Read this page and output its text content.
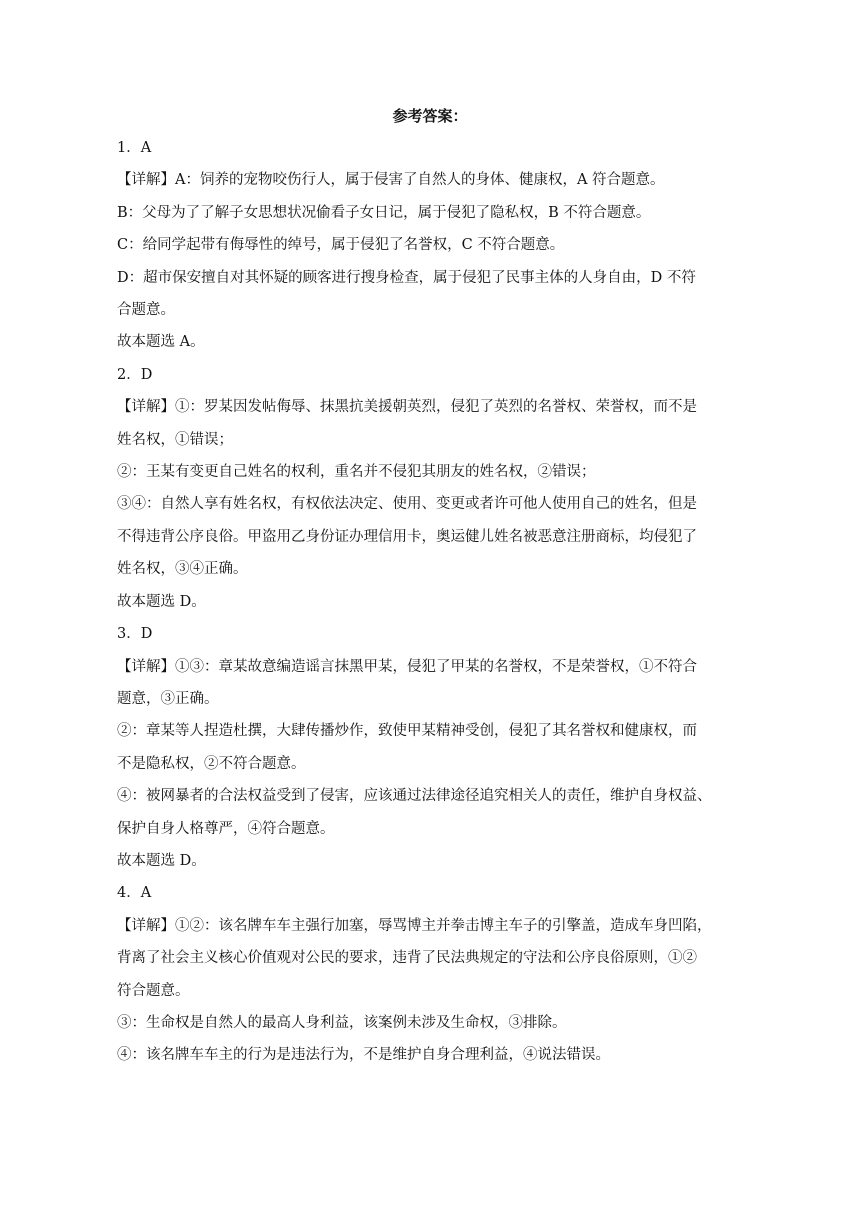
参考答案：
1．A
【详解】A：饲养的宠物咬伤行人，属于侵害了自然人的身体、健康权，A 符合题意。
B：父母为了了解子女思想状况偷看子女日记，属于侵犯了隐私权，B 不符合题意。
C：给同学起带有侮辱性的绰号，属于侵犯了名誉权，C 不符合题意。
D：超市保安擅自对其怀疑的顾客进行搜身检查，属于侵犯了民事主体的人身自由，D 不符
合题意。
故本题选 A。
2．D
【详解】①：罗某因发帖侮辱、抹黑抗美援朝英烈，侵犯了英烈的名誉权、荣誉权，而不是
姓名权，①错误；
②：王某有变更自己姓名的权利，重名并不侵犯其朋友的姓名权，②错误；
③④：自然人享有姓名权，有权依法决定、使用、变更或者许可他人使用自己的姓名，但是
不得违背公序良俗。甲盗用乙身份证办理信用卡，奥运健儿姓名被恶意注册商标，均侵犯了
姓名权，③④正确。
故本题选 D。
3．D
【详解】①③：章某故意编造谣言抹黑甲某，侵犯了甲某的名誉权，不是荣誉权，①不符合
题意，③正确。
②：章某等人捏造杜撰，大肆传播炒作，致使甲某精神受创，侵犯了其名誉权和健康权，而
不是隐私权，②不符合题意。
④：被网暴者的合法权益受到了侵害，应该通过法律途径追究相关人的责任，维护自身权益、
保护自身人格尊严，④符合题意。
故本题选 D。
4．A
【详解】①②：该名牌车车主强行加塞，辱骂博主并拳击博主车子的引擎盖，造成车身凹陷，
背离了社会主义核心价值观对公民的要求，违背了民法典规定的守法和公序良俗原则，①②
符合题意。
③：生命权是自然人的最高人身利益，该案例未涉及生命权，③排除。
④：该名牌车车主的行为是违法行为，不是维护自身合理利益，④说法错误。
